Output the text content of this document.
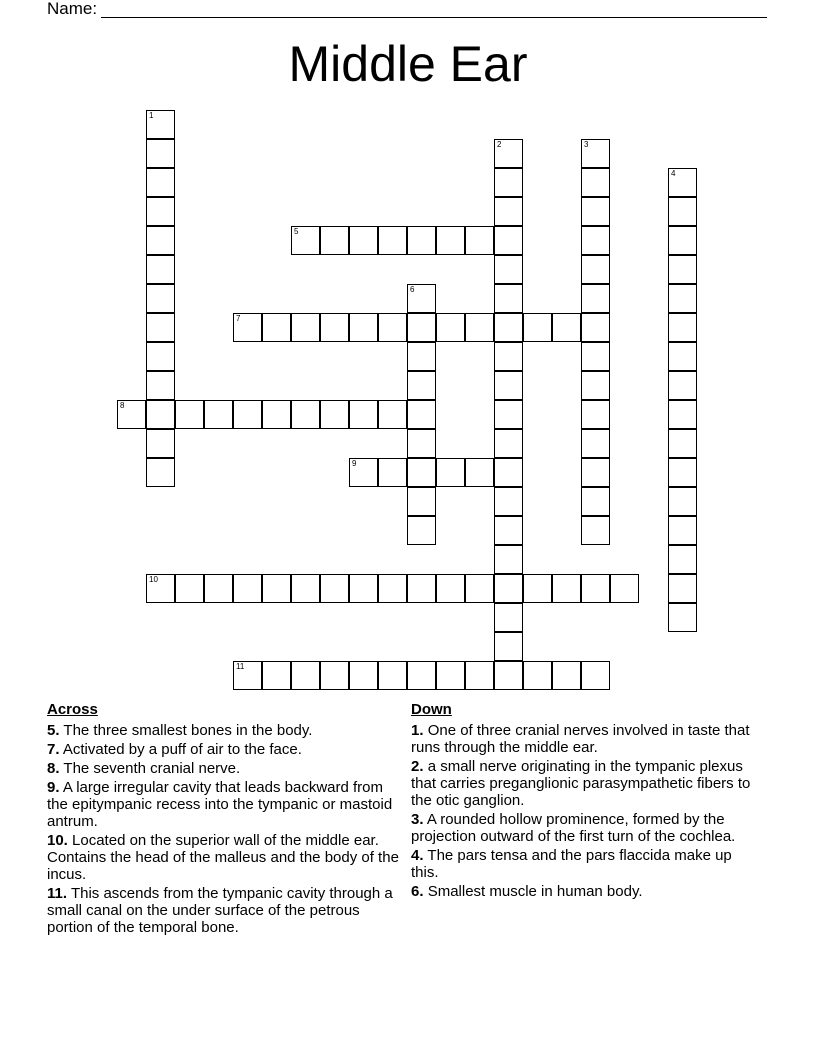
Name:
Middle Ear
1
2	3
4
5
6
7
8
9
10
11
Across
5. The three smallest bones in the body.
7. Activated by a puff of air to the face.
8. The seventh cranial nerve.
9. A large irregular cavity that leads backward from the epitympanic recess into the tympanic or mastoid antrum.
10. Located on the superior wall of the middle ear. Contains the head of the malleus and the body of the incus.
11. This ascends from the tympanic cavity through a small canal on the under surface of the petrous portion of the temporal bone.
Down
1. One of three cranial nerves involved in taste that runs through the middle ear.
2. a small nerve originating in the tympanic plexus that carries preganglionic parasympathetic fibers to the otic ganglion.
3. A rounded hollow prominence, formed by the projection outward of the first turn of the cochlea.
4. The pars tensa and the pars flaccida make up this.
6. Smallest muscle in human body.
